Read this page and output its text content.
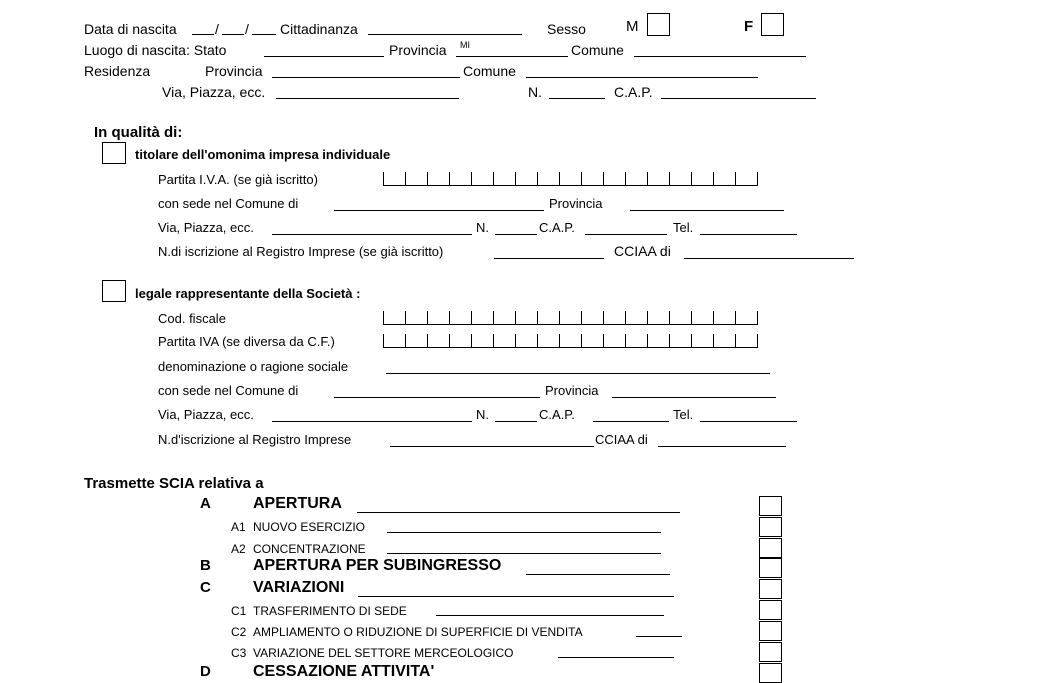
Data di nascita	/ / Cittadinanza	Sesso	M	F
Luogo di nascita: Stato	Provincia MI	Comune
Residenza	Provincia	Comune
Via, Piazza, ecc.	N.	C.A.P.
In qualità di:
titolare dell'omonima impresa individuale
Partita I.V.A. (se già iscritto)
con sede nel Comune di	Provincia
Via, Piazza, ecc.	N.	C.A.P.	Tel.
N.di iscrizione al Registro Imprese (se già iscritto)	CCIAA di
legale rappresentante della Società :
Cod. fiscale
Partita IVA (se diversa da C.F.)
denominazione o ragione sociale
con sede nel Comune di	Provincia
Via, Piazza, ecc.	N.	C.A.P.	Tel.
N.d'iscrizione al Registro Imprese	CCIAA di
Trasmette SCIA relativa a
A	APERTURA
A1 NUOVO ESERCIZIO
A2 CONCENTRAZIONE
B	APERTURA PER SUBINGRESSO
C	VARIAZIONI
C1 TRASFERIMENTO DI SEDE
C2 AMPLIAMENTO O RIDUZIONE DI SUPERFICIE DI VENDITA
C3 VARIAZIONE DEL SETTORE MERCEOLOGICO
D	CESSAZIONE ATTIVITA'
